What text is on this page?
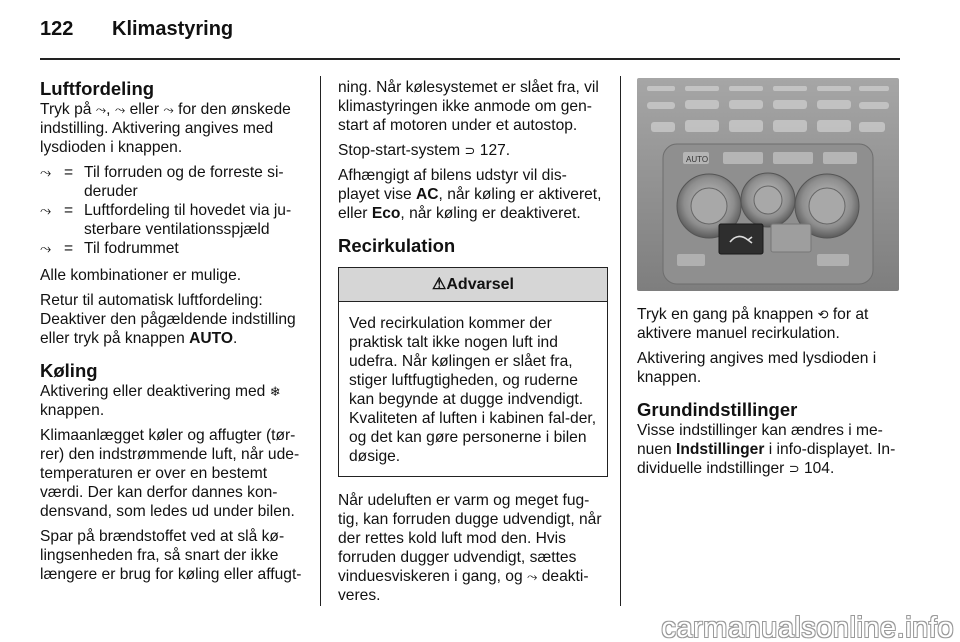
122 Klimastyring
Luftfordeling

Tryk på ⤳, ⤳ eller ⤳ for den ønskede indstilling. Aktivering angives med lysdioden i knappen.

⤳ = Til forruden og de forreste si-deruder
⤳ = Luftfordeling til hovedet via ju-sterbare ventilationsspjæld
⤳ = Til fodrummet

Alle kombinationer er mulige.

Retur til automatisk luftfordeling: Deaktiver den pågældende indstilling eller tryk på knappen AUTO.

Køling

Aktivering eller deaktivering med ❄ knappen.

Klimaanlægget køler og affugter (tør-rer) den indstrømmende luft, når ude-temperaturen er over en bestemt værdi. Der kan derfor dannes kon-densvand, som ledes ud under bilen.

Spar på brændstoffet ved at slå kø-lingsenheden fra, så snart der ikke længere er brug for køling eller affugt-

ning. Når kølesystemet er slået fra, vil klimastyringen ikke anmode om gen-start af motoren under et autostop.

Stop-start-system ⊃ 127.

Afhængigt af bilens udstyr vil dis-playet vise AC, når køling er aktiveret, eller Eco, når køling er deaktiveret.

Recirkulation
⚠Advarsel
Ved recirkulation kommer der praktisk talt ikke nogen luft ind udefra. Når kølingen er slået fra, stiger luftfugtigheden, og ruderne kan begynde at dugge indvendigt. Kvaliteten af luften i kabinen fal-der, og det kan gøre personerne i bilen døsige.

Når udeluften er varm og meget fug-tig, kan forruden dugge udvendigt, når der rettes kold luft mod den. Hvis forruden dugger udvendigt, sættes vinduesviskeren i gang, og ⤳ deakti-veres.

AUTO

Tryk en gang på knappen ⟲ for at aktivere manuel recirkulation.

Aktivering angives med lysdioden i knappen.

Grundindstillinger

Visse indstillinger kan ændres i me-nuen Indstillinger i info-displayet. In-dividuelle indstillinger ⊃ 104.

carmanualsonline.info
